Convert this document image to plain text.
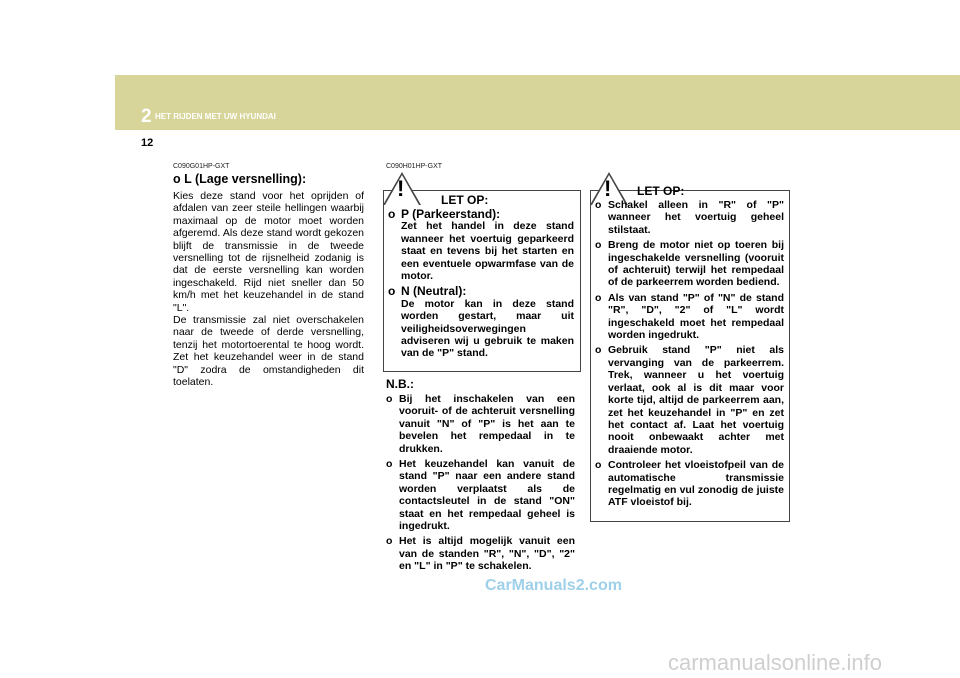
2 HET RIJDEN MET UW HYUNDAI
12
C090G01HP-GXT
o L (Lage versnelling):
Kies deze stand voor het oprijden of afdalen van zeer steile hellingen waarbij maximaal op de motor moet worden afgeremd. Als deze stand wordt gekozen blijft de transmissie in de tweede versnelling tot de rijsnelheid zodanig is dat de eerste versnelling kan worden ingeschakeld. Rijd niet sneller dan 50 km/h met het keuzehandel in de stand "L".
De transmissie zal niet overschakelen naar de tweede of derde versnelling, tenzij het motortoerental te hoog wordt. Zet het keuzehandel weer in de stand "D" zodra de omstandigheden dit toelaten.
C090H01HP-GXT
!	LET OP:
o P (Parkeerstand):
Zet het handel in deze stand wanneer het voertuig geparkeerd staat en tevens bij het starten en een eventuele opwarmfase van de motor.
o N (Neutral):
De motor kan in deze stand worden gestart, maar uit veiligheidsoverwegingen adviseren wij u gebruik te maken van de "P" stand.
N.B.:
o Bij het inschakelen van een vooruit- of de achteruit versnelling vanuit "N" of "P" is het aan te bevelen het rempedaal in te drukken.
o Het keuzehandel kan vanuit de stand "P" naar een andere stand worden verplaatst als de contactsleutel in de stand "ON" staat en het rempedaal geheel is ingedrukt.
o Het is altijd mogelijk vanuit een van de standen "R", "N", "D", "2" en "L" in "P" te schakelen.
! LET OP:
o Schakel alleen in "R" of "P" wanneer het voertuig geheel stilstaat.
o Breng de motor niet op toeren bij ingeschakelde versnelling (vooruit of achteruit) terwijl het rempedaal of de parkeerrem worden bediend.
o Als van stand "P" of "N" de stand "R", "D", "2" of "L" wordt ingeschakeld moet het rempedaal worden ingedrukt.
o Gebruik stand "P" niet als vervanging van de parkeerrem. Trek, wanneer u het voertuig verlaat, ook al is dit maar voor korte tijd, altijd de parkeerrem aan, zet het keuzehandel in "P" en zet het contact af. Laat het voertuig nooit onbewaakt achter met draaiende motor.
o Controleer het vloeistofpeil van de automatische transmissie regelmatig en vul zonodig de juiste ATF vloeistof bij.
CarManuals2.com
carmanualsonline.info
